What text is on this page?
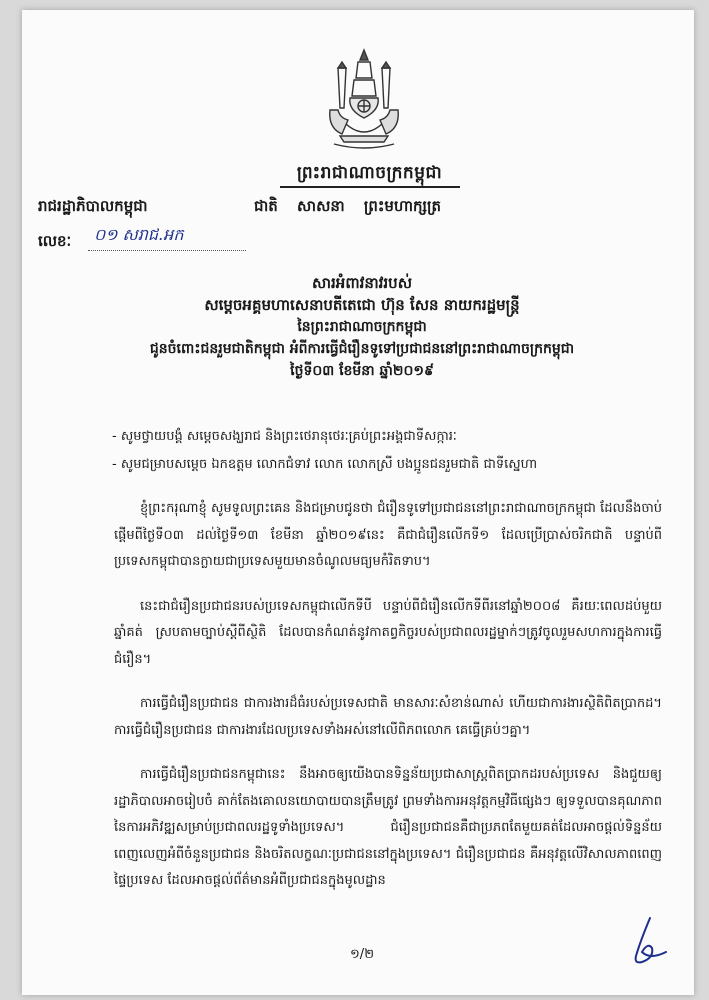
ព្រះរាជាណាចក្រកម្ពុជា
រាជរដ្ឋាភិបាលកម្ពុជា	ជាតិ សាសនា ព្រះមហាក្សត្រ
លេខៈ	០១ សរាជ.អក
សារអំពាវនាវរបស់
សម្តេចអគ្គមហាសេនាបតីតេជោ ហ៊ុន សែន នាយករដ្ឋមន្ត្រី
នៃព្រះរាជាណាចក្រកម្ពុជា
ជូនចំពោះជនរួមជាតិកម្ពុជា អំពីការធ្វើជំរឿនទូទៅប្រជាជននៅព្រះរាជាណាចក្រកម្ពុជា
ថ្ងៃទី០៣ ខែមីនា ឆ្នាំ២០១៩
- សូមថ្វាយបង្គំ សម្តេចសង្ឃរាជ និងព្រះថេរានុថេរៈគ្រប់ព្រះអង្គជាទីសក្ការៈ
- សូមជម្រាបសម្តេច ឯកឧត្តម លោកជំទាវ លោក លោកស្រី បងប្អូនជនរួមជាតិ ជាទីស្នេហា

ខ្ញុំព្រះករុណាខ្ញុំ សូមទូលព្រះគេន និងជម្រាបជូនថា ជំរឿនទូទៅប្រជាជននៅព្រះរាជាណាចក្រកម្ពុជា ដែលនឹងចាប់ផ្តើមពីថ្ងៃទី០៣ ដល់ថ្ងៃទី១៣ ខែមីនា ឆ្នាំ២០១៩នេះ គឺជាជំរឿនលើកទី១ ដែលប្រើប្រាស់ចរិកជាតិ បន្ទាប់ពីប្រទេសកម្ពុជាបានក្លាយជាប្រទេសមួយមានចំណូលមធ្យមកំរិតទាប។

នេះជាជំរឿនប្រជាជនរបស់ប្រទេសកម្ពុជាលើកទីបី បន្ទាប់ពីជំរឿនលើកទីពីរនៅឆ្នាំ២០០៨ គឺរយៈពេលដប់មួយឆ្នាំគត់ ស្របតាមច្បាប់ស្តីពីស្ថិតិ ដែលបានកំណត់នូវកាតព្វកិច្ចរបស់ប្រជាពលរដ្ឋម្នាក់ៗត្រូវចូលរួមសហការក្នុងការធ្វើជំរឿន។

ការធ្វើជំរឿនប្រជាជន ជាការងារដ៏ធំរបស់ប្រទេសជាតិ មានសារៈសំខាន់ណាស់ ហើយជាការងារស្ថិតិពិតប្រាកដ។ ការធ្វើជំរឿនប្រជាជន ជាការងារដែលប្រទេសទាំងអស់នៅលើពិភពលោក គេធ្វើគ្រប់ៗគ្នា។

ការធ្វើជំរឿនប្រជាជនកម្ពុជានេះ នឹងអាចឲ្យយើងបានទិន្នន័យប្រជាសាស្ត្រពិតប្រាកដរបស់ប្រទេស និងជួយឲ្យរដ្ឋាភិបាលអាចរៀបចំ គាក់តែងគោលនយោបាយបានត្រឹមត្រូវ ព្រមទាំងការអនុវត្តកម្មវិធីផ្សេងៗ ឲ្យទទួលបានគុណភាពនៃការអភិវឌ្ឍសម្រាប់ប្រជាពលរដ្ឋទូទាំងប្រទេស។ ជំរឿនប្រជាជនគឺជាប្រភពតែមួយគត់ដែលអាចផ្តល់ទិន្នន័យពេញលេញអំពីចំនួនប្រជាជន និងចរិតលក្ខណៈប្រជាជននៅក្នុងប្រទេស។ ជំរឿនប្រជាជន គឺអនុវត្តលើវិសាលភាពពេញផ្ទៃប្រទេស ដែលអាចផ្តល់ព័ត៌មានអំពីប្រជាជនក្នុងមូលដ្ឋាន

១/២
